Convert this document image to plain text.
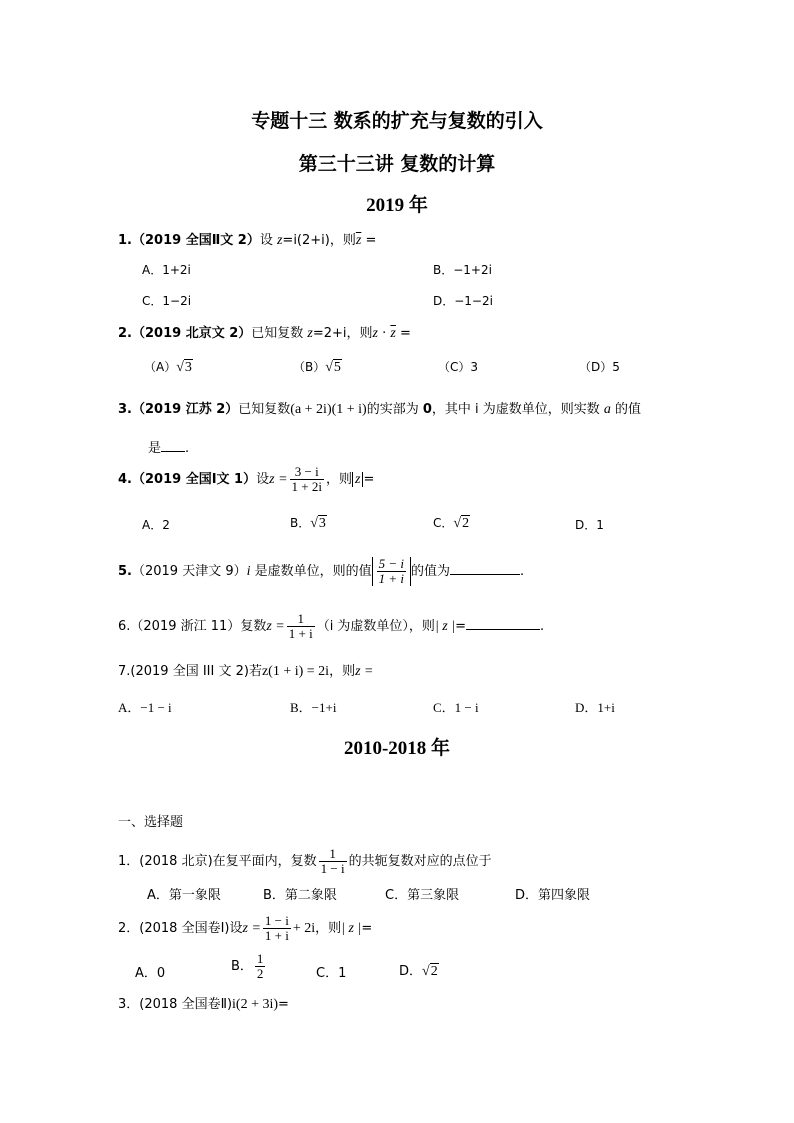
专题十三 数系的扩充与复数的引入
第三十三讲 复数的计算
2019 年
1.（2019 全国Ⅱ文 2）设 z=i(2+i)，则$\overline{z}$ =
A．1+2i	B．−1+2i
C．1−2i	D．−1−2i
2.（2019 北京文 2）已知复数 z=2+i，则$z \cdot \overline{z}$ =
（A）√3	（B）√5	（C）3	（D）5
3.（2019 江苏 2）已知复数(a + 2i)(1 + i)的实部为 0，其中 i 为虚数单位，则实数 a 的值
是 .
4.（2019 全国Ⅰ文 1）设$z = \frac{3 - i}{1 + 2i}$ ，则 z =
A．2	B．√3	C．√2	D．1
5.（2019 天津文 9）i 是虚数单位，则的值 $\frac{5 - i}{1 + i}$ 的值为	.
6.（2019 浙江 11）复数$z = \frac{1}{1 + i} (i$ 为虚数单位），则| z |=	.
7.(2019 全国 III 文 2)若z(1 + i) = 2i，则z =
A．−1 − i	B．−1+i	C．1 − i	D．1+i
2010-2018 年
一、选择题
1．(2018 北京)在复平面内，复数 $\frac{1}{1 - i}$ 的共轭复数对应的点位于
A．第一象限	B．第二象限	C．第三象限	D．第四象限
2．(2018 全国卷Ⅰ)设$z = \frac{1 - i}{1 + i} + 2i$，则| z |=
A．0	B． $\frac{1}{2}$	C．1	D．√2
3．(2018 全国卷Ⅱ)i(2 + 3i)=
